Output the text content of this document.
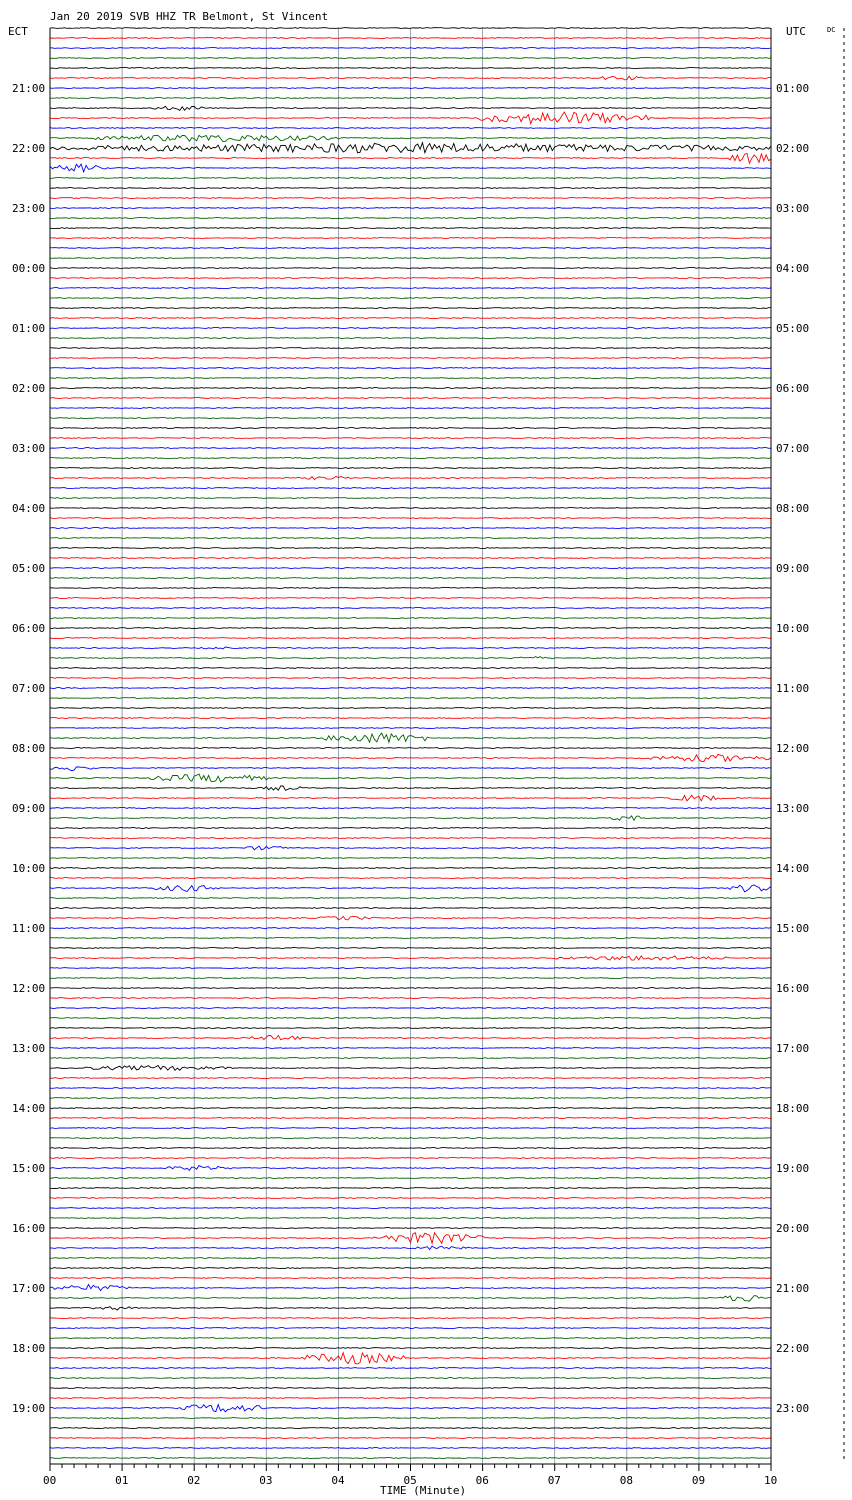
Jan 20 2019 SVB HHZ TR Belmont, St Vincent
ECT	UTC	DC
00	01	02	03	04	05	06	07	08	09	10
21:00
22:00
23:00
00:00
01:00
02:00
03:00
04:00
05:00
06:00
07:00
08:00
09:00
10:00
11:00
12:00
13:00
14:00
15:00
16:00
17:00
18:00
19:00
01:00
02:00
03:00
04:00
05:00
06:00
07:00
08:00
09:00
10:00
11:00
12:00
13:00
14:00
15:00
16:00
17:00
18:00
19:00
20:00
21:00
22:00
23:00
TIME (Minute)
